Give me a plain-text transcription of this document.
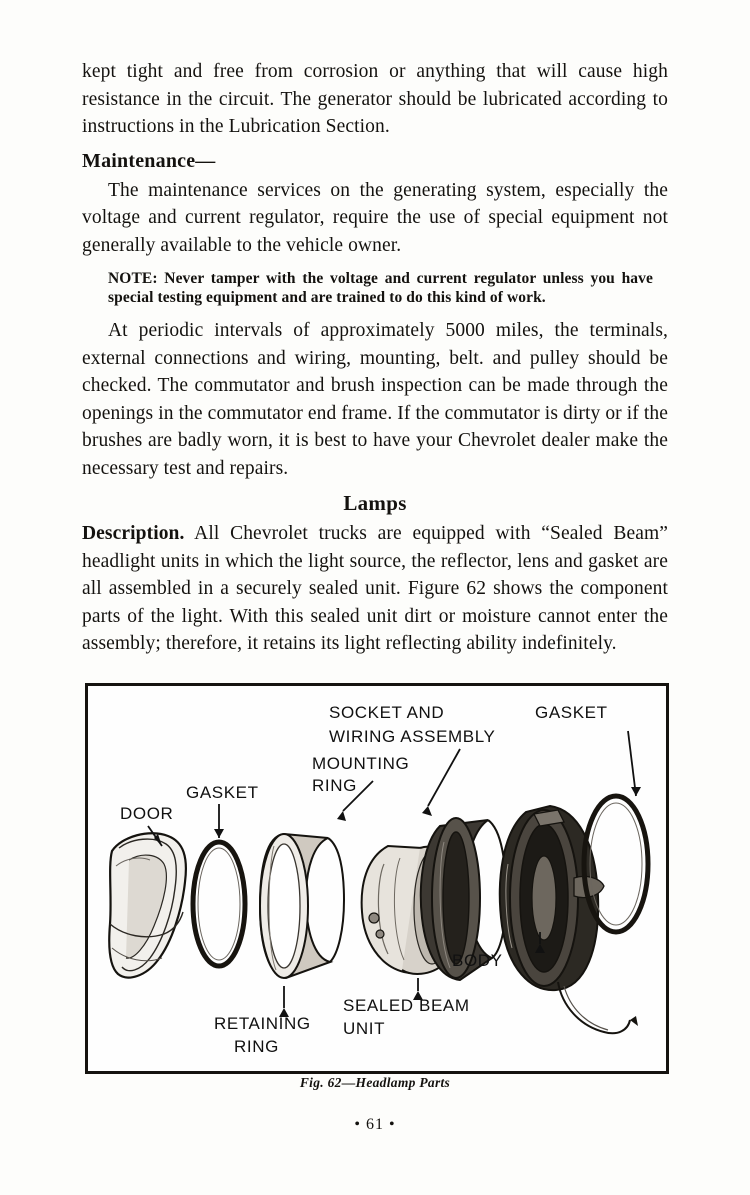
kept tight and free from corrosion or anything that will cause high resistance in the circuit. The generator should be lubricated according to instructions in the Lubrication Section.

Maintenance—

The maintenance services on the generating system, especially the voltage and current regulator, require the use of special equipment not generally available to the vehicle owner.

NOTE: Never tamper with the voltage and current regulator unless you have special testing equipment and are trained to do this kind of work.

At periodic intervals of approximately 5000 miles, the terminals, external connections and wiring, mounting, belt. and pulley should be checked. The commutator and brush inspection can be made through the openings in the commutator end frame. If the commutator is dirty or if the brushes are badly worn, it is best to have your Chevrolet dealer make the necessary test and repairs.

Lamps

Description. All Chevrolet trucks are equipped with “Sealed Beam” headlight units in which the light source, the reflector, lens and gasket are all assembled in a securely sealed unit. Figure 62 shows the component parts of the light. With this sealed unit dirt or moisture cannot enter the assembly; therefore, it retains its light reflecting ability indefinitely.

DOOR
GASKET
MOUNTING
RING
SOCKET AND
WIRING ASSEMBLY
GASKET
RETAINING
RING
SEALED BEAM
UNIT
BODY
Fig. 62—Headlamp Parts
• 61 •
